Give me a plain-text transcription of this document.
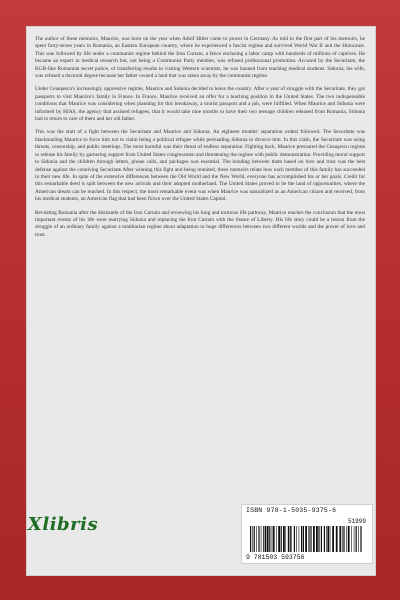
The author of these memoirs, Maurice, was born on the year when Adolf Hitler came to power in Germany. As told in the first part of his memoirs, he spent forty-seven years in Romania, an Eastern European country, where he experienced a fascist regime and survived World War II and the Holocaust. This was followed by life under a communist regime behind the Iron Curtain, a fence enclosing a labor camp with hundreds of millions of captives. He became an expert in medical research but, not being a Communist Party member, was refused professional promotion. Accused by the Securitate, the KGB-like Romanian secret police, of transferring results to visiting Western scientists, he was banned from teaching medical students. Sidonia, his wife, was refused a doctoral degree because her father owned a land that was taken away by the communist regime.

Under Ceauşescu's increasingly oppressive regime, Maurice and Sidonia decided to leave the country. After a year of struggle with the Securitate, they got passports to visit Maurice's family in France. In France, Maurice received an offer for a teaching position in the United States. The two indispensable conditions that Maurice was considering when planning for this breakaway, a tourist passport and a job, were fulfilled. When Maurice and Sidonia were informed by HIAS, the agency that assisted refugees, that it would take nine months to have their two teenage children released from Romania, Sidonia had to return to care of them and her old father.

This was the start of a fight between the Securitate and Maurice and Sidonia. An eighteen months' separation ordeal followed. The Securitate was blackmailing Maurice to force him not to claim being a political refugee while persuading Sidonia to divorce him. In this clash, the Securitate was using threats, censorship, and public meetings. The most harmful was their threat of endless separation. Fighting back, Maurice pressured the Ceauşescu regime to release his family by garnering support from United States congressmen and threatening the regime with public demonstration. Providing moral support to Sidonia and the children through letters, phone calls, and packages was essential. The bonding between them based on love and trust was the best defense against the conniving Securitate.After winning this fight and being reunited, these memoirs relate how each member of this family has succeeded in their new life. In spite of the extensive differences between the Old World and the New World, everyone has accomplished his or her goals. Credit for this remarkable deed is split between the new arrivals and their adopted motherland. The United States proved to be the land of opportunities, where the American dream can be reached. In this respect, the most remarkable event was when Maurice was naturalized as an American citizen and received, from his medical students, an American flag that had been flown over the United States Capitol.

Revisiting Romania after the dismantle of the Iron Curtain and reviewing his long and tortuous life pathway, Maurice reaches the conclusion that the most important events of his life were marrying Sidonia and replacing the Iron Curtain with the Statue of Liberty. His life story could be a lesson from the struggle of an ordinary family against a totalitarian regime about adaptation to huge differences between two different worlds and the power of love and trust.

Xlibris
ISBN 978-1-5035-9375-6
51999
9 781503 593756
